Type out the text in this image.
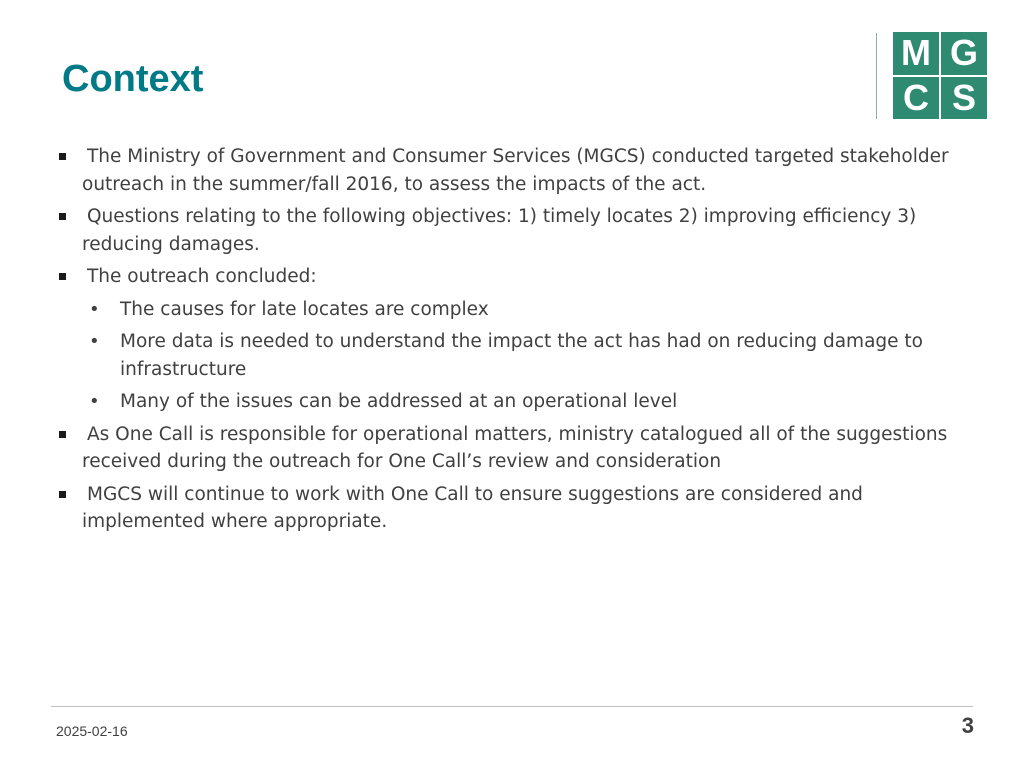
Context
M G
C S
The Ministry of Government and Consumer Services (MGCS) conducted targeted stakeholder outreach in the summer/fall 2016, to assess the impacts of the act.
Questions relating to the following objectives: 1) timely locates 2) improving efficiency 3) reducing damages.
The outreach concluded:
• The causes for late locates are complex
• More data is needed to understand the impact the act has had on reducing damage to infrastructure
• Many of the issues can be addressed at an operational level
As One Call is responsible for operational matters, ministry catalogued all of the suggestions received during the outreach for One Call’s review and consideration
MGCS will continue to work with One Call to ensure suggestions are considered and implemented where appropriate.
2025-02-16	3
